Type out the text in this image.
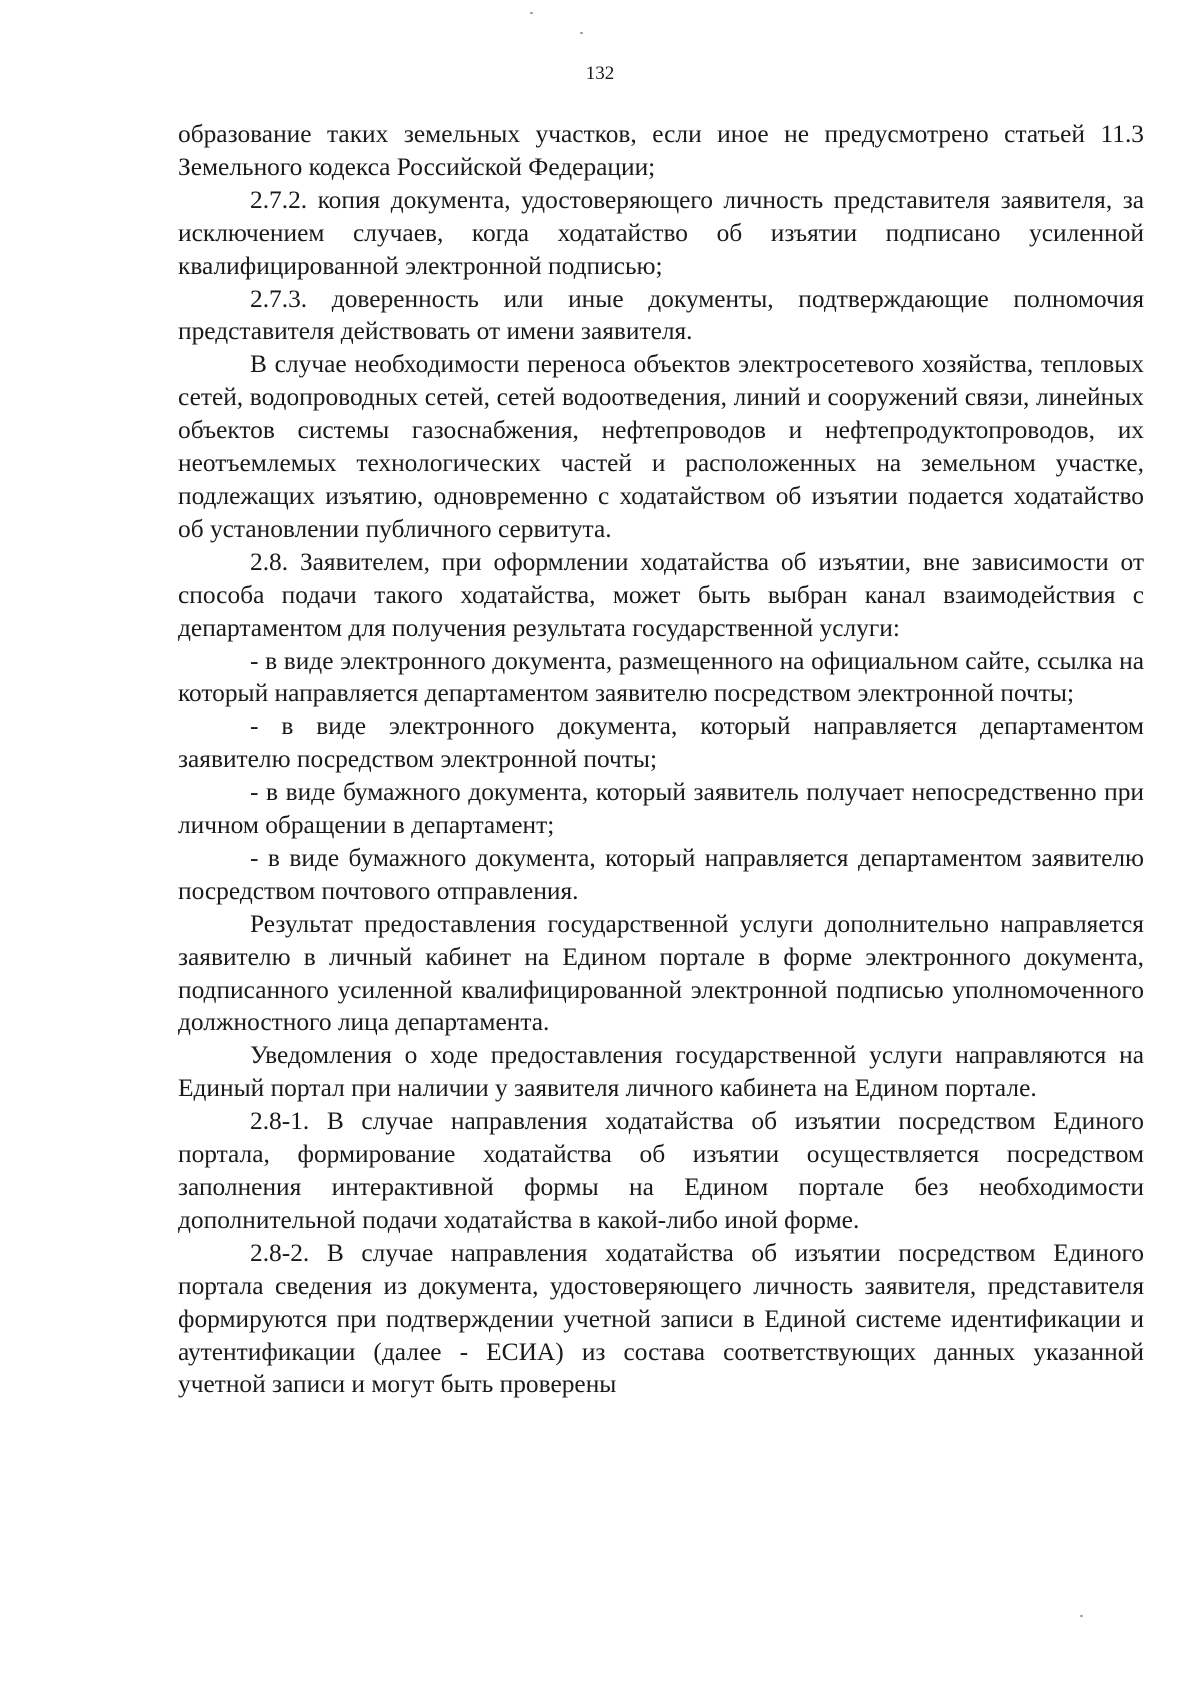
132

образование таких земельных участков, если иное не предусмотрено статьей 11.3 Земельного кодекса Российской Федерации;

2.7.2. копия документа, удостоверяющего личность представителя заявителя, за исключением случаев, когда ходатайство об изъятии подписано усиленной квалифицированной электронной подписью;

2.7.3. доверенность или иные документы, подтверждающие полномочия представителя действовать от имени заявителя.

В случае необходимости переноса объектов электросетевого хозяйства, тепловых сетей, водопроводных сетей, сетей водоотведения, линий и сооружений связи, линейных объектов системы газоснабжения, нефтепроводов и нефтепродуктопроводов, их неотъемлемых технологических частей и расположенных на земельном участке, подлежащих изъятию, одновременно с ходатайством об изъятии подается ходатайство об установлении публичного сервитута.

2.8. Заявителем, при оформлении ходатайства об изъятии, вне зависимости от способа подачи такого ходатайства, может быть выбран канал взаимодействия с департаментом для получения результата государственной услуги:

- в виде электронного документа, размещенного на официальном сайте, ссылка на который направляется департаментом заявителю посредством электронной почты;

- в виде электронного документа, который направляется департаментом заявителю посредством электронной почты;

- в виде бумажного документа, который заявитель получает непосредственно при личном обращении в департамент;

- в виде бумажного документа, который направляется департаментом заявителю посредством почтового отправления.

Результат предоставления государственной услуги дополнительно направляется заявителю в личный кабинет на Едином портале в форме электронного документа, подписанного усиленной квалифицированной электронной подписью уполномоченного должностного лица департамента.

Уведомления о ходе предоставления государственной услуги направляются на Единый портал при наличии у заявителя личного кабинета на Едином портале.

2.8-1. В случае направления ходатайства об изъятии посредством Единого портала, формирование ходатайства об изъятии осуществляется посредством заполнения интерактивной формы на Едином портале без необходимости дополнительной подачи ходатайства в какой-либо иной форме.

2.8-2. В случае направления ходатайства об изъятии посредством Единого портала сведения из документа, удостоверяющего личность заявителя, представителя формируются при подтверждении учетной записи в Единой системе идентификации и аутентификации (далее - ЕСИА) из состава соответствующих данных указанной учетной записи и могут быть проверены
